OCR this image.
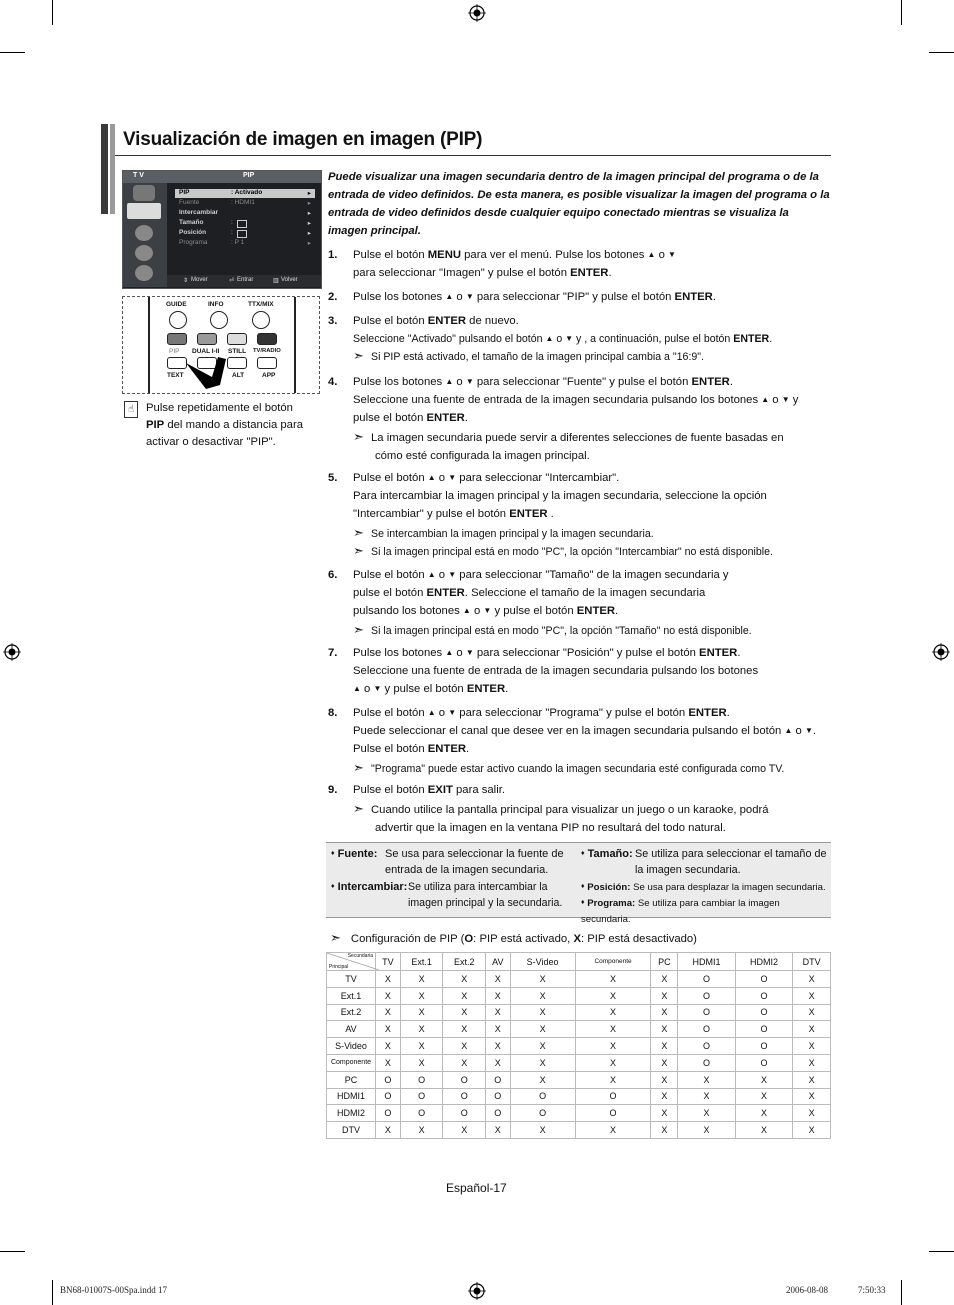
Visualización de imagen en imagen (PIP)
T V	PIP
PIP	: Activado	▸
Fuente	: HDMI1	▸
Intercambiar	▸
Tamaño	:	▸
Posición	:	▸
Programa	: P 1	▸
⇕ Mover	⏎ Entrar	▥ Volver
GUIDE	INFO	TTX/MIX
PIP DUAL I-II STILL TV/RADIO
TEXT	ALT	APP
☝	Pulse repetidamente el botón
PIP del mando a distancia para
activar o desactivar "PIP".
Puede visualizar una imagen secundaria dentro de la imagen principal del programa o de la entrada de video definidos. De esta manera, es posible visualizar la imagen del programa o la entrada de video definidos desde cualquier equipo conectado mientras se visualiza la imagen principal.
1. Pulse el botón MENU para ver el menú. Pulse los botones ▲ o ▼
para seleccionar "Imagen" y pulse el botón ENTER.
2. Pulse los botones ▲ o ▼ para seleccionar "PIP" y pulse el botón ENTER.
3. Pulse el botón ENTER de nuevo.
Seleccione "Activado" pulsando el botón ▲ o ▼ y , a continuación, pulse el botón ENTER.
➣ Si PIP está activado, el tamaño de la imagen principal cambia a "16:9".
4. Pulse los botones ▲ o ▼ para seleccionar "Fuente" y pulse el botón ENTER.
Seleccione una fuente de entrada de la imagen secundaria pulsando los botones ▲ o ▼ y
pulse el botón ENTER.
➣ La imagen secundaria puede servir a diferentes selecciones de fuente basadas en
cómo esté configurada la imagen principal.
5. Pulse el botón ▲ o ▼ para seleccionar "Intercambiar".
Para intercambiar la imagen principal y la imagen secundaria, seleccione la opción
"Intercambiar" y pulse el botón ENTER .
➣ Se intercambian la imagen principal y la imagen secundaria.
➣ Si la imagen principal está en modo "PC", la opción "Intercambiar" no está disponible.
6. Pulse el botón ▲ o ▼ para seleccionar "Tamaño" de la imagen secundaria y
pulse el botón ENTER. Seleccione el tamaño de la imagen secundaria
pulsando los botones ▲ o ▼ y pulse el botón ENTER.
➣ Si la imagen principal está en modo "PC", la opción "Tamaño" no está disponible.
7. Pulse los botones ▲ o ▼ para seleccionar "Posición" y pulse el botón ENTER.
Seleccione una fuente de entrada de la imagen secundaria pulsando los botones
▲ o ▼ y pulse el botón ENTER.
8. Pulse el botón ▲ o ▼ para seleccionar "Programa" y pulse el botón ENTER.
Puede seleccionar el canal que desee ver en la imagen secundaria pulsando el botón ▲ o ▼.
Pulse el botón ENTER.
➣ "Programa" puede estar activo cuando la imagen secundaria esté configurada como TV.
9. Pulse el botón EXIT para salir.
➣ Cuando utilice la pantalla principal para visualizar un juego o un karaoke, podrá
advertir que la imagen en la ventana PIP no resultará del todo natural.
♦ Fuente: Se usa para seleccionar la fuente de
entrada de la imagen secundaria.
♦ Tamaño: Se utiliza para seleccionar el tamaño de
la imagen secundaria.
♦ Intercambiar: Se utiliza para intercambiar la
imagen principal y la secundaria.
♦ Posición: Se usa para desplazar la imagen secundaria.
♦ Programa: Se utiliza para cambiar la imagen secundaria.
➣ Configuración de PIP (O: PIP está activado, X: PIP está desactivado)
Secundaria
Principal	TV	Ext.1	Ext.2	AV	S-Video	Componente	PC	HDMI1	HDMI2	DTV
TV	X	X	X	X	X	X	X	O	O	X
Ext.1	X	X	X	X	X	X	X	O	O	X
Ext.2	X	X	X	X	X	X	X	O	O	X
AV	X	X	X	X	X	X	X	O	O	X
S-Video	X	X	X	X	X	X	X	O	O	X
Componente	X	X	X	X	X	X	X	O	O	X
PC	O	O	O	O	X	X	X	X	X	X
HDMI1	O	O	O	O	O	O	X	X	X	X
HDMI2	O	O	O	O	O	O	X	X	X	X
DTV	X	X	X	X	X	X	X	X	X	X
Español-17
BN68-01007S-00Spa.indd 17	2006-08-08	7:50:33
